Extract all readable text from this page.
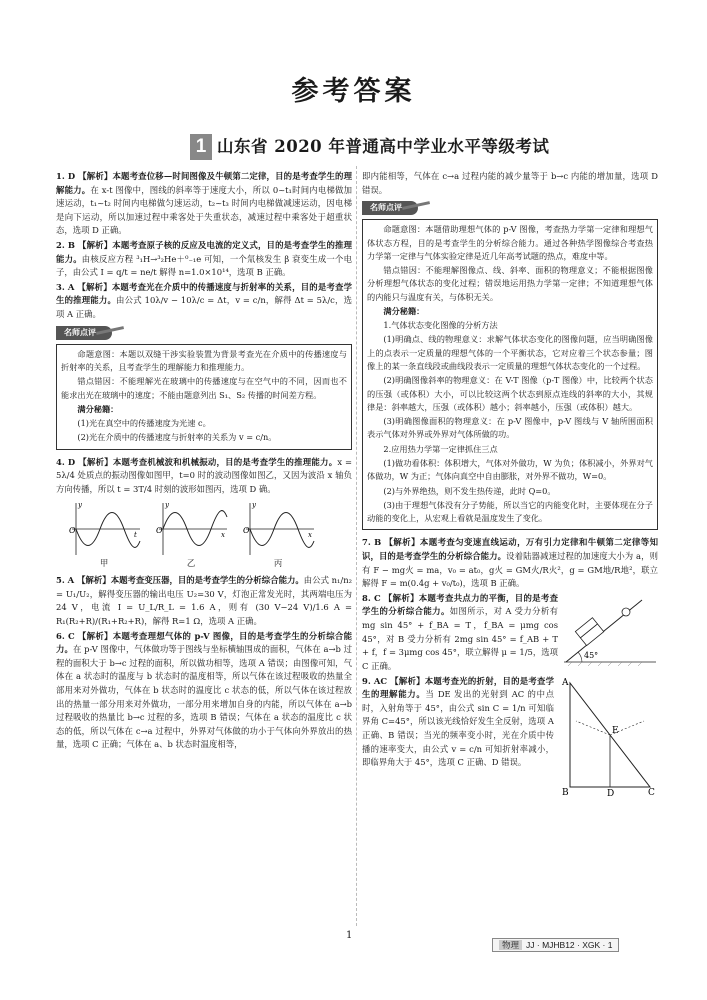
参考答案
1 山东省 2020 年普通高中学业水平等级考试

1. D 【解析】本题考查位移—时间图像及牛顿第二定律，目的是考查学生的理解能力。在 x-t 图像中，图线的斜率等于速度大小，所以 0~t₁时间内电梯做加速运动，t₁~t₂ 时间内电梯做匀速运动，t₂~t₃ 时间内电梯做减速运动，因电梯是向下运动，所以加速过程中乘客处于失重状态，减速过程中乘客处于超重状态，选项 D 正确。

2. B 【解析】本题考查原子核的反应及电流的定义式，目的是考查学生的推理能力。由核反应方程 ³₁H→³₂He＋⁰₋₁e 可知，一个氚核发生 β 衰变生成一个电子，由公式 I = q/t = ne/t 解得 n=1.0×10¹⁴，选项 B 正确。

3. A 【解析】本题考查光在介质中的传播速度与折射率的关系，目的是考查学生的推理能力。由公式 10λ/v − 10λ/c = Δt，v = c/n，解得 Δt = 5λ/c，选项 A 正确。

名师点评

命题意图：本题以双缝干涉实验装置为背景考查光在介质中的传播速度与折射率的关系，且考查学生的理解能力和推理能力。

错点错因：不能理解光在玻璃中的传播速度与在空气中的不同，因而也不能求出光在玻璃中的速度；不能由题意列出 S₁、S₂ 传播的时间差方程。

满分秘籍：

(1)光在真空中的传播速度为光速 c。

(2)光在介质中的传播速度与折射率的关系为 v = c/n。

4. D 【解析】本题考查机械波和机械振动，目的是考查学生的推理能力。x = 5λ/4 处质点的振动图像如图甲，t=0 时的波动图像如图乙，又因为波沿 x 轴负方向传播，所以 t = 3T/4 时刻的波形如图丙，选项 D 确。

O
y
t
甲
O
y
x
乙
O
y
x
丙

5. A 【解析】本题考查变压器，目的是考查学生的分析综合能力。由公式 n₁/n₂ = U₁/U₂，解得变压器的输出电压 U₂=30 V，灯泡正常发光时，其两端电压为 24 V，电流 I = U_L/R_L = 1.6 A，则有 (30 V−24 V)/1.6 A = R₁(R₂+R)/(R₁+R₂+R)，解得 R=1 Ω，选项 A 正确。

6. C 【解析】本题考查理想气体的 p-V 图像，目的是考查学生的分析综合能力。在 p-V 图像中，气体做功等于图线与坐标横轴围成的面积，气体在 a→b 过程的面积大于 b→c 过程的面积，所以做功相等，选项 A 错误；由图像可知，气体在 a 状态时的温度与 b 状态时的温度相等，所以气体在该过程吸收的热量全部用来对外做功，气体在 b 状态时的温度比 c 状态的低，所以气体在该过程放出的热量一部分用来对外做功，一部分用来增加自身的内能，所以气体在 a→b 过程吸收的热量比 b→c 过程的多，选项 B 错误；气体在 a 状态的温度比 c 状态的低，所以气体在 c→a 过程中，外界对气体做的功小于气体向外界放出的热量，选项 C 正确；气体在 a、b 状态时温度相等，

即内能相等，气体在 c→a 过程内能的减少量等于 b→c 内能的增加量，选项 D 错误。

名师点评

命题意图：本题借助理想气体的 p-V 图像，考查热力学第一定律和理想气体状态方程，目的是考查学生的分析综合能力。通过各种热学图像综合考查热力学第一定律与气体实验定律是近几年高考试题的热点，难度中等。

错点错因：不能理解图像点、线、斜率、面积的物理意义；不能根据图像分析理想气体状态的变化过程；错误地运用热力学第一定律；不知道理想气体的内能只与温度有关，与体积无关。

满分秘籍：

1.气体状态变化图像的分析方法

(1)明确点、线的物理意义：求解气体状态变化的图像问题，应当明确图像上的点表示一定质量的理想气体的一个平衡状态，它对应着三个状态参量；图像上的某一条直线段或曲线段表示一定质量的理想气体状态变化的一个过程。

(2)明确图像斜率的物理意义：在 V-T 图像（p-T 图像）中，比较两个状态的压强（或体积）大小，可以比较这两个状态到原点连线的斜率的大小，其规律是：斜率越大，压强（或体积）越小；斜率越小，压强（或体积）越大。

(3)明确图像面积的物理意义：在 p-V 图像中，p-V 图线与 V 轴所围面积表示气体对外界或外界对气体所做的功。

2.应用热力学第一定律抓住三点

(1)做功看体积：体积增大，气体对外做功，W 为负；体积减小，外界对气体做功，W 为正；气体向真空中自由膨胀，对外界不做功，W=0。

(2)与外界绝热，则不发生热传递，此时 Q=0。

(3)由于理想气体没有分子势能，所以当它的内能变化时，主要体现在分子动能的变化上，从宏观上看就是温度发生了变化。

7. B 【解析】本题考查匀变速直线运动，万有引力定律和牛顿第二定律等知识，目的是考查学生的分析综合能力。设着陆器减速过程的加速度大小为 a，则有 F − mg火 = ma，v₀ = at₀，g火 = GM火/R火²，g = GM地/R地²，联立解得 F = m(0.4g + v₀/t₀)，选项 B 正确。

8. C 【解析】本题考查共点力的平衡，目的是考查学生的分析综合能力。如图所示，对 A 受力分析有 mg sin 45° + f_BA = T，f_BA = μmg cos 45°，对 B 受力分析有 2mg sin 45° = f_AB + T + f，f = 3μmg cos 45°，联立解得 μ = 1/5，选项 C 正确。

45°

9. AC 【解析】本题考查光的折射，目的是考查学生的理解能力。当 DE 发出的光射到 AC 的中点时，入射角等于 45°，由公式 sin C = 1/n 可知临界角 C=45°，所以该光线恰好发生全反射，选项 A 正确、B 错误；当光的频率变小时，光在介质中传播的速率变大，由公式 v = c/n 可知折射率减小，即临界角大于 45°，选项 C 正确、D 错误。

A
B	C
D
E
1
物理 JJ · MJHB12 · XGK · 1
